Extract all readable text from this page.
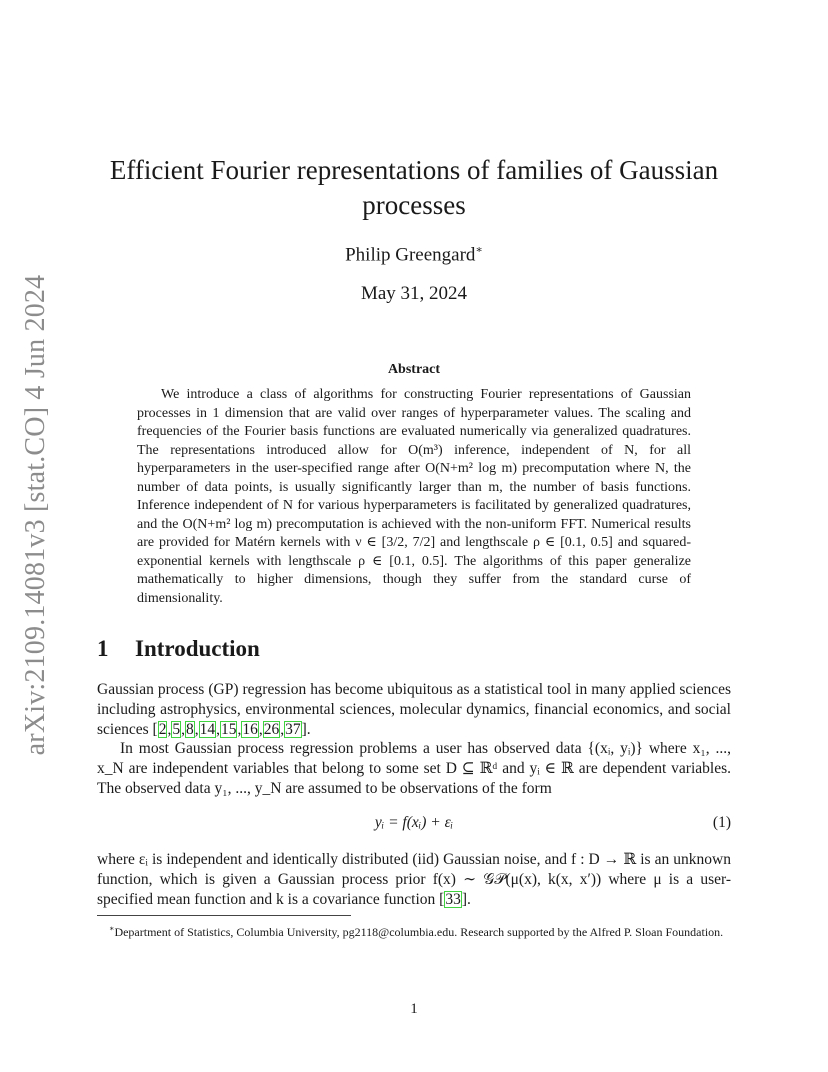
arXiv:2109.14081v3 [stat.CO] 4 Jun 2024
Efficient Fourier representations of families of Gaussian processes
Philip Greengard∗
May 31, 2024
Abstract
We introduce a class of algorithms for constructing Fourier representations of Gaussian processes in 1 dimension that are valid over ranges of hyperparameter values. The scaling and frequencies of the Fourier basis functions are evaluated numerically via generalized quadratures. The representations introduced allow for O(m³) inference, independent of N, for all hyperparameters in the user-specified range after O(N+m² log m) precomputation where N, the number of data points, is usually significantly larger than m, the number of basis functions. Inference independent of N for various hyperparameters is facilitated by generalized quadratures, and the O(N+m² log m) precomputation is achieved with the non-uniform FFT. Numerical results are provided for Matérn kernels with ν ∈ [3/2, 7/2] and lengthscale ρ ∈ [0.1, 0.5] and squared-exponential kernels with lengthscale ρ ∈ [0.1, 0.5]. The algorithms of this paper generalize mathematically to higher dimensions, though they suffer from the standard curse of dimensionality.
1 Introduction
Gaussian process (GP) regression has become ubiquitous as a statistical tool in many applied sciences including astrophysics, environmental sciences, molecular dynamics, financial economics, and social sciences [2,5,8,14,15,16,26,37].
In most Gaussian process regression problems a user has observed data {(xᵢ, yᵢ)} where x₁, ..., x_N are independent variables that belong to some set D ⊆ ℝᵈ and yᵢ ∈ ℝ are dependent variables. The observed data y₁, ..., y_N are assumed to be observations of the form
yᵢ = f(xᵢ) + εᵢ	(1)
where εᵢ is independent and identically distributed (iid) Gaussian noise, and f : D → ℝ is an unknown function, which is given a Gaussian process prior f(x) ∼ 𝒢𝒫(μ(x), k(x, x′)) where μ is a user-specified mean function and k is a covariance function [33].
∗Department of Statistics, Columbia University, pg2118@columbia.edu. Research supported by the Alfred P. Sloan Foundation.
1
